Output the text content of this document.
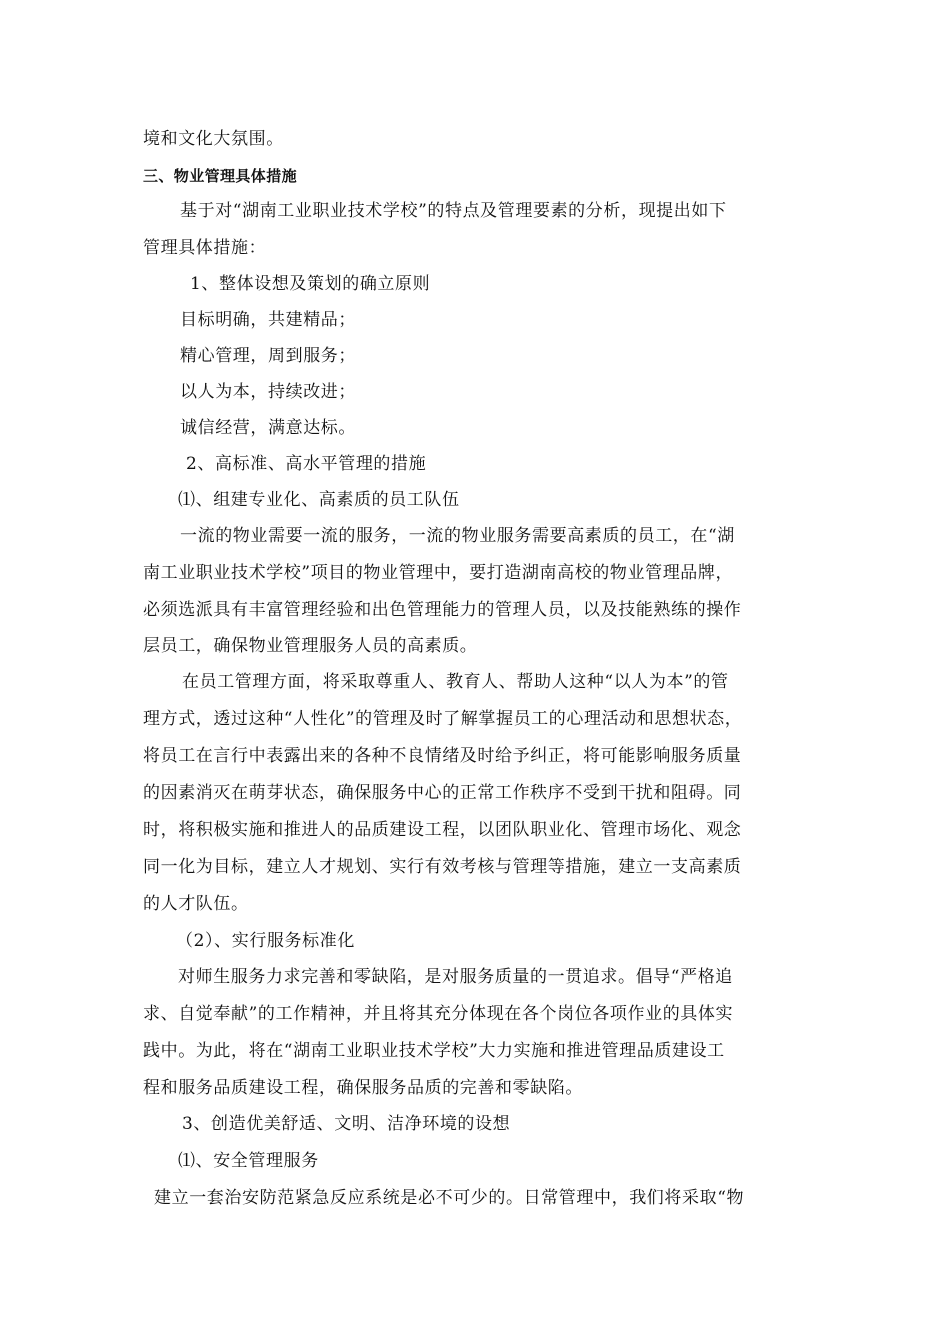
境和文化大氛围。
三、物业管理具体措施
基于对“湖南工业职业技术学校”的特点及管理要素的分析，现提出如下
管理具体措施：
1、整体设想及策划的确立原则
目标明确，共建精品；
精心管理，周到服务；
以人为本，持续改进；
诚信经营，满意达标。
2、高标准、高水平管理的措施
⑴、组建专业化、高素质的员工队伍
一流的物业需要一流的服务，一流的物业服务需要高素质的员工，在“湖
南工业职业技术学校”项目的物业管理中，要打造湖南高校的物业管理品牌，
必须选派具有丰富管理经验和出色管理能力的管理人员，以及技能熟练的操作
层员工，确保物业管理服务人员的高素质。
在员工管理方面，将采取尊重人、教育人、帮助人这种“以人为本”的管
理方式，透过这种“人性化”的管理及时了解掌握员工的心理活动和思想状态，
将员工在言行中表露出来的各种不良情绪及时给予纠正，将可能影响服务质量
的因素消灭在萌芽状态，确保服务中心的正常工作秩序不受到干扰和阻碍。同
时，将积极实施和推进人的品质建设工程，以团队职业化、管理市场化、观念
同一化为目标，建立人才规划、实行有效考核与管理等措施，建立一支高素质
的人才队伍。
（2）、实行服务标准化
对师生服务力求完善和零缺陷，是对服务质量的一贯追求。倡导“严格追
求、自觉奉献”的工作精神，并且将其充分体现在各个岗位各项作业的具体实
践中。为此，将在“湖南工业职业技术学校”大力实施和推进管理品质建设工
程和服务品质建设工程，确保服务品质的完善和零缺陷。
3、创造优美舒适、文明、洁净环境的设想
⑴、安全管理服务
建立一套治安防范紧急反应系统是必不可少的。日常管理中，我们将采取“物
